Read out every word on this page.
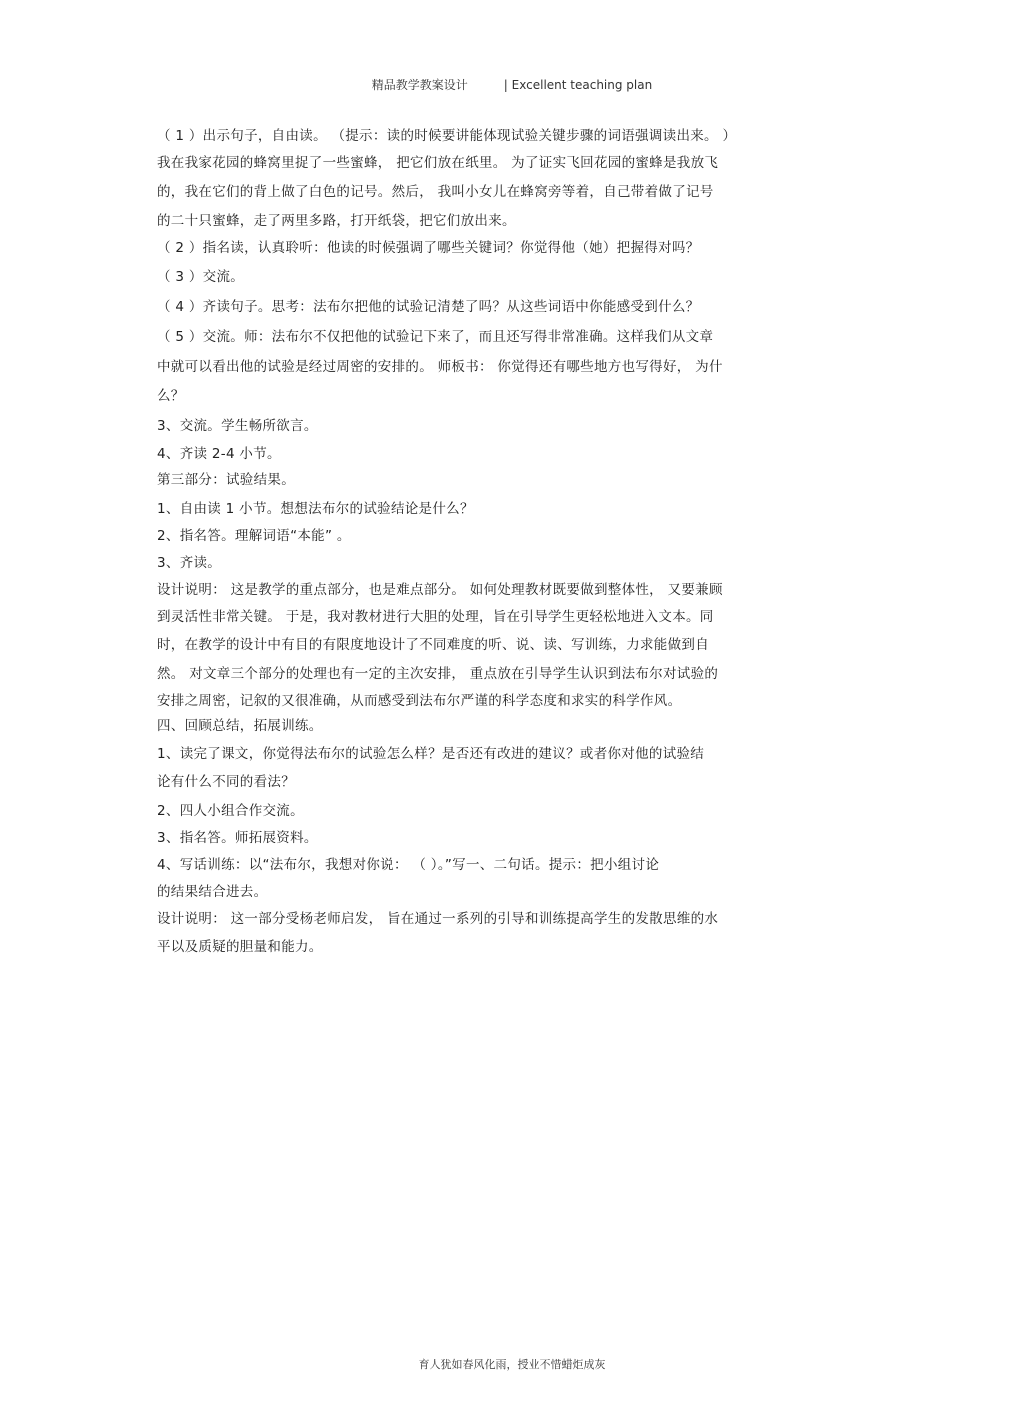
精品教学教案设计	| Excellent teaching plan
（ 1 ）出示句子，自由读。 （提示：读的时候要讲能体现试验关键步骤的词语强调读出来。 ）
我在我家花园的蜂窝里捉了一些蜜蜂， 把它们放在纸里。 为了证实飞回花园的蜜蜂是我放飞
的，我在它们的背上做了白色的记号。然后， 我叫小女儿在蜂窝旁等着，自己带着做了记号
的二十只蜜蜂，走了两里多路，打开纸袋，把它们放出来。
（ 2 ）指名读，认真聆听：他读的时候强调了哪些关键词？你觉得他（她）把握得对吗？
（ 3 ）交流。
（ 4 ）齐读句子。思考：法布尔把他的试验记清楚了吗？从这些词语中你能感受到什么？
（ 5 ）交流。师：法布尔不仅把他的试验记下来了，而且还写得非常准确。这样我们从文章
中就可以看出他的试验是经过周密的安排的。 师板书： 你觉得还有哪些地方也写得好， 为什
么？
3、交流。学生畅所欲言。
4、齐读 2-4 小节。
第三部分：试验结果。
1、自由读 1 小节。想想法布尔的试验结论是什么？
2、指名答。理解词语“本能” 。
3、齐读。
设计说明： 这是教学的重点部分，也是难点部分。 如何处理教材既要做到整体性， 又要兼顾
到灵活性非常关键。 于是，我对教材进行大胆的处理，旨在引导学生更轻松地进入文本。同
时，在教学的设计中有目的有限度地设计了不同难度的听、说、读、写训练，力求能做到自
然。 对文章三个部分的处理也有一定的主次安排， 重点放在引导学生认识到法布尔对试验的
安排之周密，记叙的又很准确，从而感受到法布尔严谨的科学态度和求实的科学作风。
四、回顾总结，拓展训练。
1、读完了课文，你觉得法布尔的试验怎么样？是否还有改进的建议？或者你对他的试验结
论有什么不同的看法？
2、四人小组合作交流。
3、指名答。师拓展资料。
4、写话训练：以“法布尔，我想对你说： （ ）。”写一、二句话。提示：把小组讨论
的结果结合进去。
设计说明： 这一部分受杨老师启发， 旨在通过一系列的引导和训练提高学生的发散思维的水
平以及质疑的胆量和能力。
育人犹如春风化雨，授业不惜蜡炬成灰
